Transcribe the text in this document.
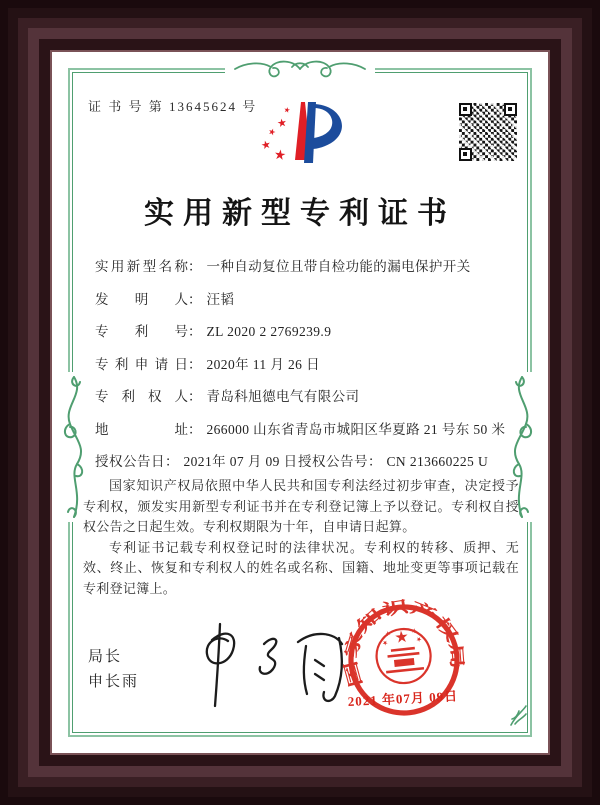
证 书 号 第 13645624 号
实用新型专利证书
实用新型名称 ： 一种自动复位且带自检功能的漏电保护开关
发明人 ： 汪韬
专利号 ： ZL 2020 2 2769239.9
专利申请日 ： 2020年 11 月 26 日
专利权人 ： 青岛科旭德电气有限公司
地址 ： 266000 山东省青岛市城阳区华夏路 21 号东 50 米
授权公告日 ： 2021年 07 月 09 日 授权公告号 ： CN 213660225 U

国家知识产权局依照中华人民共和国专利法经过初步审查，决定授予专利权，颁发实用新型专利证书并在专利登记簿上予以登记。专利权自授权公告之日起生效。专利权期限为十年，自申请日起算。

专利证书记载专利权登记时的法律状况。专利权的转移、质押、无效、终止、恢复和专利权人的姓名或名称、国籍、地址变更等事项记载在专利登记簿上。

局长
申长雨	国家知识产权局
2021 年07月 09日
